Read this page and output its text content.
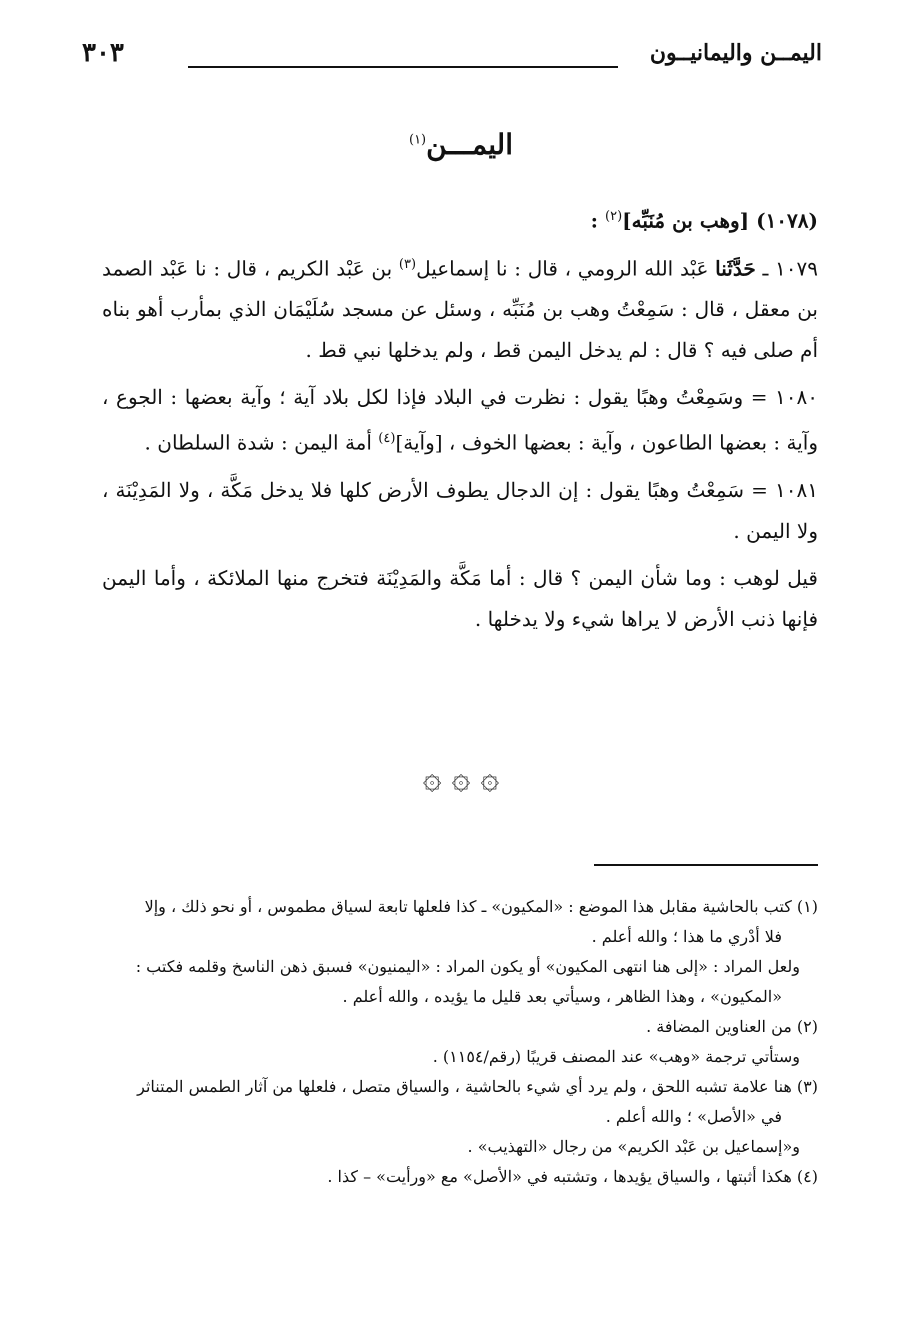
اليمــن واليمانيــون
٣٠٣
اليمـــن$^{(١)}$
(١٠٧٨) [وهب بن مُنَبِّه]$^{(٢)}$ :

١٠٧٩ ـ حَدَّثَنا عَبْد الله الرومي ، قال : نا إسماعيل$^{(٣)}$ بن عَبْد الكريم ، قال : نا عَبْد الصمد بن معقل ، قال : سَمِعْتُ وهب بن مُنَبِّه ، وسئل عن مسجد سُلَيْمَان الذي بمأرب أهو بناه أم صلى فيه ؟ قال : لم يدخل اليمن قط ، ولم يدخلها نبي قط .

١٠٨٠ = وسَمِعْتُ وهبًا يقول : نظرت في البلاد فإذا لكل بلاد آية ؛ وآية بعضها : الجوع ، وآية : بعضها الطاعون ، وآية : بعضها الخوف ، [وآية]$^{(٤)}$ أمة اليمن : شدة السلطان .

١٠٨١ = سَمِعْتُ وهبًا يقول : إن الدجال يطوف الأرض كلها فلا يدخل مَكَّة ، ولا المَدِيْنَة ، ولا اليمن .

قيل لوهب : وما شأن اليمن ؟ قال : أما مَكَّة والمَدِيْنَة فتخرج منها الملائكة ، وأما اليمن فإنها ذنب الأرض لا يراها شيء ولا يدخلها .

۞ ۞ ۞

(١) كتب بالحاشية مقابل هذا الموضع : «المكيون» ـ كذا فلعلها تابعة لسياق مطموس ، أو نحو ذلك ، وإلا

فلا أدْري ما هذا ؛ والله أعلم .

ولعل المراد : «إلى هنا انتهى المكيون» أو يكون المراد : «اليمنيون» فسبق ذهن الناسخ وقلمه فكتب :

«المكيون» ، وهذا الظاهر ، وسيأتي بعد قليل ما يؤيده ، والله أعلم .

(٢) من العناوين المضافة .

وستأتي ترجمة «وهب» عند المصنف قريبًا (رقم/١١٥٤) .

(٣) هنا علامة تشبه اللحق ، ولم يرد أي شيء بالحاشية ، والسياق متصل ، فلعلها من آثار الطمس المتناثر

في «الأصل» ؛ والله أعلم .

و«إسماعيل بن عَبْد الكريم» من رجال «التهذيب» .

(٤) هكذا أثبتها ، والسياق يؤيدها ، وتشتبه في «الأصل» مع «ورأيت» – كذا .
